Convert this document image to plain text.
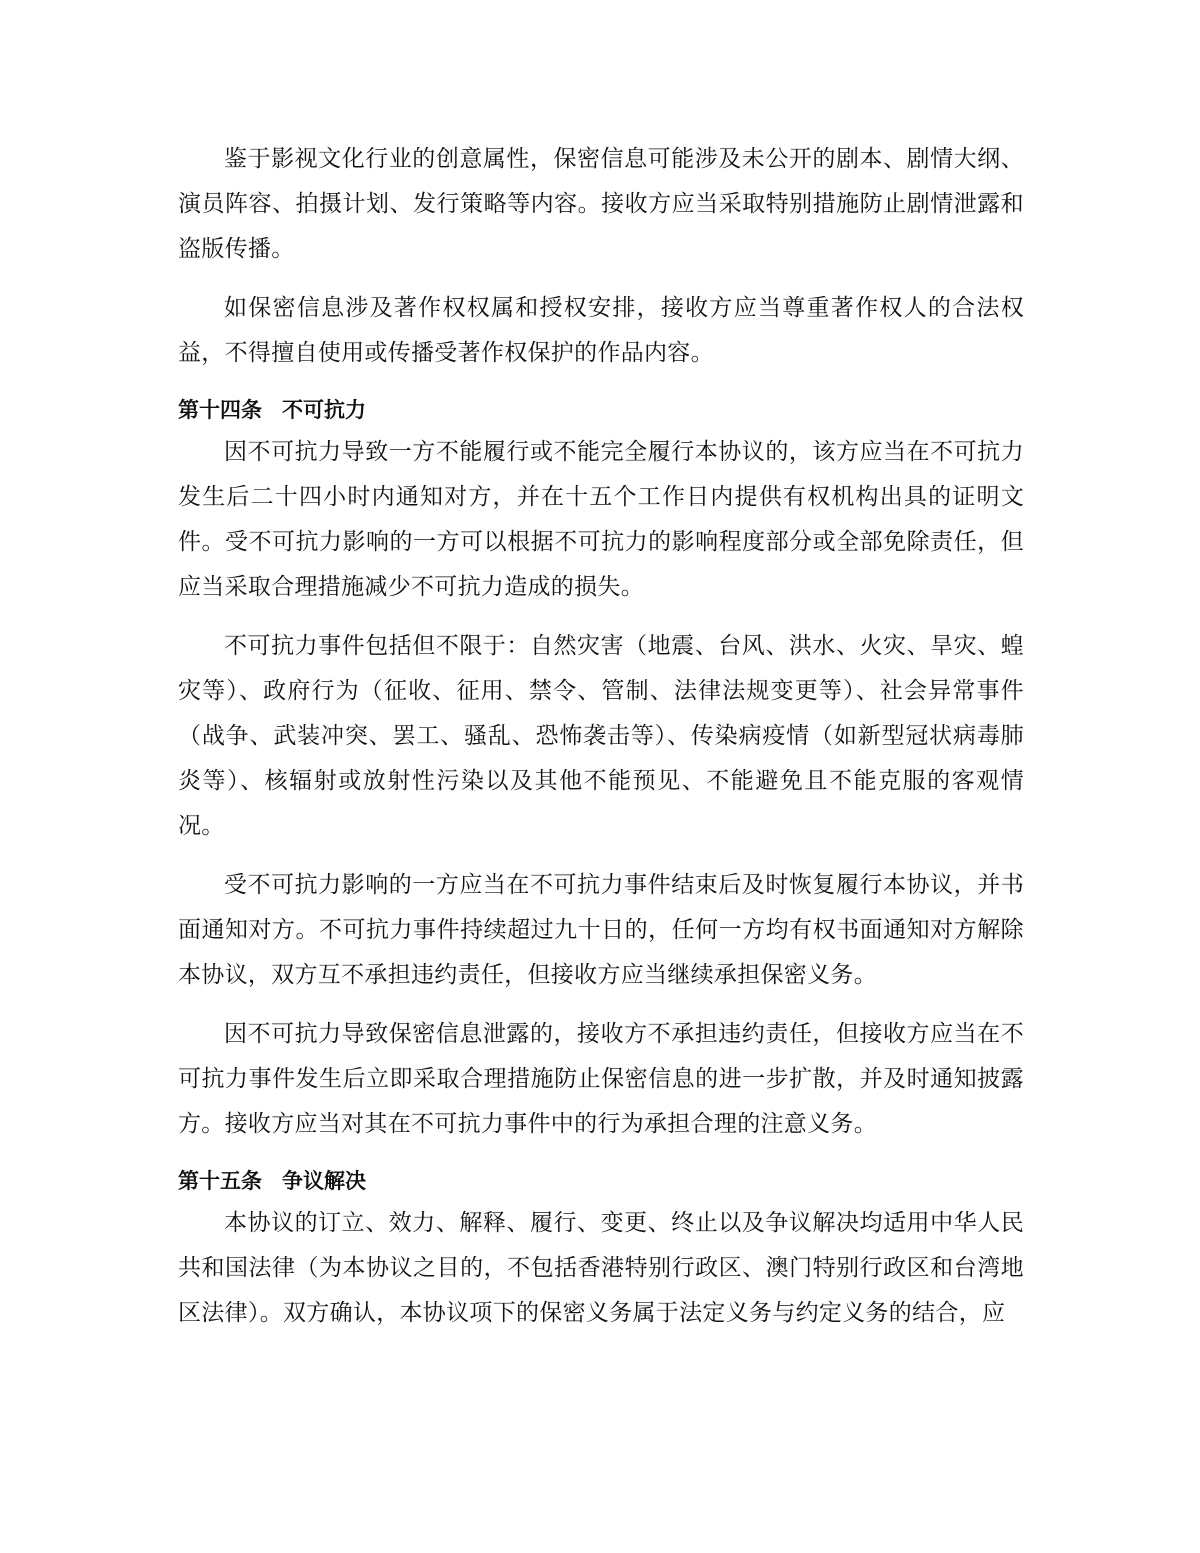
鉴于影视文化行业的创意属性，保密信息可能涉及未公开的剧本、剧情大纲、演员阵容、拍摄计划、发行策略等内容。接收方应当采取特别措施防止剧情泄露和盗版传播。

如保密信息涉及著作权权属和授权安排，接收方应当尊重著作权人的合法权益，不得擅自使用或传播受著作权保护的作品内容。

第十四条 不可抗力

因不可抗力导致一方不能履行或不能完全履行本协议的，该方应当在不可抗力发生后二十四小时内通知对方，并在十五个工作日内提供有权机构出具的证明文件。受不可抗力影响的一方可以根据不可抗力的影响程度部分或全部免除责任，但应当采取合理措施减少不可抗力造成的损失。

不可抗力事件包括但不限于：自然灾害（地震、台风、洪水、火灾、旱灾、蝗灾等）、政府行为（征收、征用、禁令、管制、法律法规变更等）、社会异常事件（战争、武装冲突、罢工、骚乱、恐怖袭击等）、传染病疫情（如新型冠状病毒肺炎等）、核辐射或放射性污染以及其他不能预见、不能避免且不能克服的客观情况。

受不可抗力影响的一方应当在不可抗力事件结束后及时恢复履行本协议，并书面通知对方。不可抗力事件持续超过九十日的，任何一方均有权书面通知对方解除本协议，双方互不承担违约责任，但接收方应当继续承担保密义务。

因不可抗力导致保密信息泄露的，接收方不承担违约责任，但接收方应当在不可抗力事件发生后立即采取合理措施防止保密信息的进一步扩散，并及时通知披露方。接收方应当对其在不可抗力事件中的行为承担合理的注意义务。

第十五条 争议解决

本协议的订立、效力、解释、履行、变更、终止以及争议解决均适用中华人民共和国法律（为本协议之目的，不包括香港特别行政区、澳门特别行政区和台湾地区法律）。双方确认，本协议项下的保密义务属于法定义务与约定义务的结合，应
